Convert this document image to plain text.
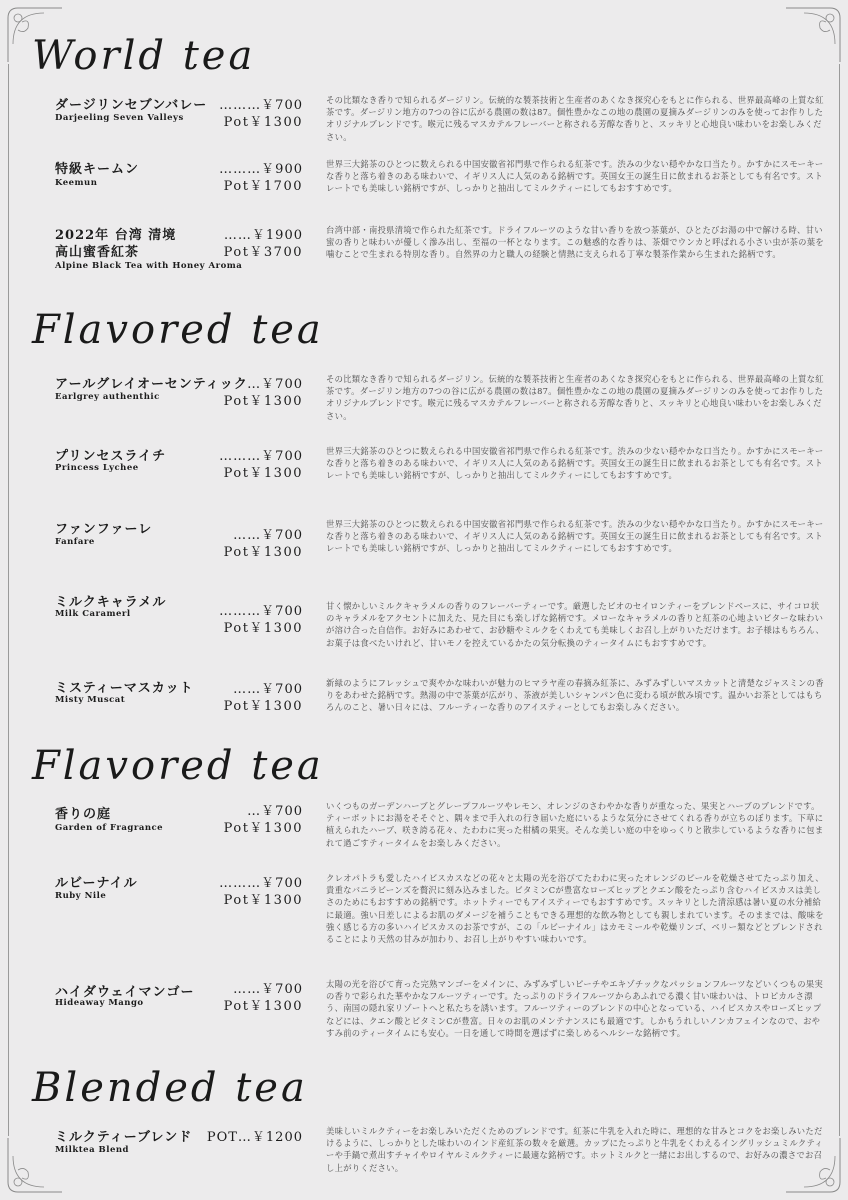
World tea
ダージリンセブンバレー
Darjeeling Seven Valleys
………￥700
Pot￥1300
その比類なき香りで知られるダージリン。伝統的な製茶技術と生産者のあくなき探究心をもとに作られる、世界最高峰の上質な紅茶です。ダージリン地方の7つの谷に広がる農園の数は87。個性豊かなこの地の農園の夏摘みダージリンのみを使ってお作りしたオリジナルブレンドです。喉元に残るマスカテルフレーバーと称される芳醇な香りと、スッキリと心地良い味わいをお楽しみください。
特級キームン
Keemun
………￥900
Pot￥1700
世界三大銘茶のひとつに数えられる中国安徽省祁門県で作られる紅茶です。渋みの少ない穏やかな口当たり。かすかにスモーキーな香りと落ち着きのある味わいで、イギリス人に人気のある銘柄です。英国女王の誕生日に飲まれるお茶としても有名です。ストレートでも美味しい銘柄ですが、しっかりと抽出してミルクティーにしてもおすすめです。
2022年 台湾 清境
高山蜜香紅茶
Alpine Black Tea with Honey Aroma
……￥1900
Pot￥3700
台湾中部・南投県清境で作られた紅茶です。ドライフルーツのような甘い香りを放つ茶葉が、ひとたびお湯の中で解ける時、甘い蜜の香りと味わいが優しく滲み出し、至福の一杯となります。この魅惑的な香りは、茶畑でウンカと呼ばれる小さい虫が茶の葉を噛むことで生まれる特別な香り。自然界の力と職人の経験と情熱に支えられる丁寧な製茶作業から生まれた銘柄です。
Flavored tea
アールグレイオーセンティック
Earlgrey authenthic
…￥700
Pot￥1300
その比類なき香りで知られるダージリン。伝統的な製茶技術と生産者のあくなき探究心をもとに作られる、世界最高峰の上質な紅茶です。ダージリン地方の7つの谷に広がる農園の数は87。個性豊かなこの地の農園の夏摘みダージリンのみを使ってお作りしたオリジナルブレンドです。喉元に残るマスカテルフレーバーと称される芳醇な香りと、スッキリと心地良い味わいをお楽しみください。
プリンセスライチ
Princess Lychee
………￥700
Pot￥1300
世界三大銘茶のひとつに数えられる中国安徽省祁門県で作られる紅茶です。渋みの少ない穏やかな口当たり。かすかにスモーキーな香りと落ち着きのある味わいで、イギリス人に人気のある銘柄です。英国女王の誕生日に飲まれるお茶としても有名です。ストレートでも美味しい銘柄ですが、しっかりと抽出してミルクティーにしてもおすすめです。
ファンファーレ
Fanfare	……￥700
Pot￥1300
世界三大銘茶のひとつに数えられる中国安徽省祁門県で作られる紅茶です。渋みの少ない穏やかな口当たり。かすかにスモーキーな香りと落ち着きのある味わいで、イギリス人に人気のある銘柄です。英国女王の誕生日に飲まれるお茶としても有名です。ストレートでも美味しい銘柄ですが、しっかりと抽出してミルクティーにしてもおすすめです。
ミルクキャラメル
Milk Caramerl	………￥700
Pot￥1300
甘く懐かしいミルクキャラメルの香りのフレーバーティーです。厳選したビオのセイロンティーをブレンドベースに、サイコロ状のキャラメルをアクセントに加えた、見た目にも楽しげな銘柄です。メローなキャラメルの香りと紅茶の心地よいビターな味わいが溶け合った自信作。お好みにあわせて、お砂糖やミルクをくわえても美味しくお召し上がりいただけます。お子様はもちろん、お菓子は食べたいけれど、甘いモノを控えているかたの気分転換のティータイムにもおすすめです。
ミスティーマスカット
Misty Muscat
……￥700
Pot￥1300
新緑のようにフレッシュで爽やかな味わいが魅力のヒマラヤ産の春摘み紅茶に、みずみずしいマスカットと清楚なジャスミンの香りをあわせた銘柄です。熱湯の中で茶葉が広がり、茶液が美しいシャンパン色に変わる頃が飲み頃です。温かいお茶としてはもちろんのこと、暑い日々には、フルーティーな香りのアイスティーとしてもお楽しみください。
Flavored tea
香りの庭
Garden of Fragrance
…￥700
Pot￥1300
いくつものガーデンハーブとグレープフルーツやレモン、オレンジのさわやかな香りが重なった、果実とハーブのブレンドです。ティーポットにお湯をそそぐと、隅々まで手入れの行き届いた庭にいるような気分にさせてくれる香りが立ちのぼります。下草に植えられたハーブ、咲き誇る花々、たわわに実った柑橘の果実。そんな美しい庭の中をゆっくりと散歩しているような香りに包まれて過ごすティータイムをお楽しみください。
ルビーナイル
Ruby Nile
………￥700
Pot￥1300
クレオパトラも愛したハイビスカスなどの花々と太陽の光を浴びてたわわに実ったオレンジのピールを乾燥させてたっぷり加え、貴重なバニラビーンズを贅沢に刻み込みました。ビタミンCが豊富なローズヒップとクエン酸をたっぷり含むハイビスカスは美しさのためにもおすすめの銘柄です。ホットティーでもアイスティーでもおすすめです。スッキリとした清涼感は暑い夏の水分補給に最適。強い日差しによるお肌のダメージを補うこともできる理想的な飲み物としても親しまれています。そのままでは、酸味を強く感じる方の多いハイビスカスのお茶ですが、この「ルビーナイル」はカモミールや乾燥リンゴ、ベリー類などとブレンドされることにより天然の甘みが加わり、お召し上がりやすい味わいです。
ハイダウェイマンゴー
Hideaway Mango
……￥700
Pot￥1300
太陽の光を浴びて育った完熟マンゴーをメインに、みずみずしいピーチやエキゾチックなパッションフルーツなどいくつもの果実の香りで彩られた華やかなフルーツティーです。たっぷりのドライフルーツからあふれでる濃く甘い味わいは、トロピカルさ漂う、南国の隠れ家リゾートへと私たちを誘います。フルーツティーのブレンドの中心となっている、ハイビスカスやローズヒップなどには、クエン酸とビタミンCが豊富。日々のお肌のメンテナンスにも最適です。しかもうれしいノンカフェインなので、おやすみ前のティータイムにも安心。一日を通して時間を選ばずに楽しめるヘルシーな銘柄です。
Blended tea
ミルクティーブレンド
Milktea Blend
POT…￥1200	美味しいミルクティーをお楽しみいただくためのブレンドです。紅茶に牛乳を入れた時に、理想的な甘みとコクをお楽しみいただけるように、しっかりとした味わいのインド産紅茶の数々を厳選。カップにたっぷりと牛乳をくわえるイングリッシュミルクティーや手鍋で煮出すチャイやロイヤルミルクティーに最適な銘柄です。ホットミルクと一緒にお出しするので、お好みの濃さでお召し上がりください。
